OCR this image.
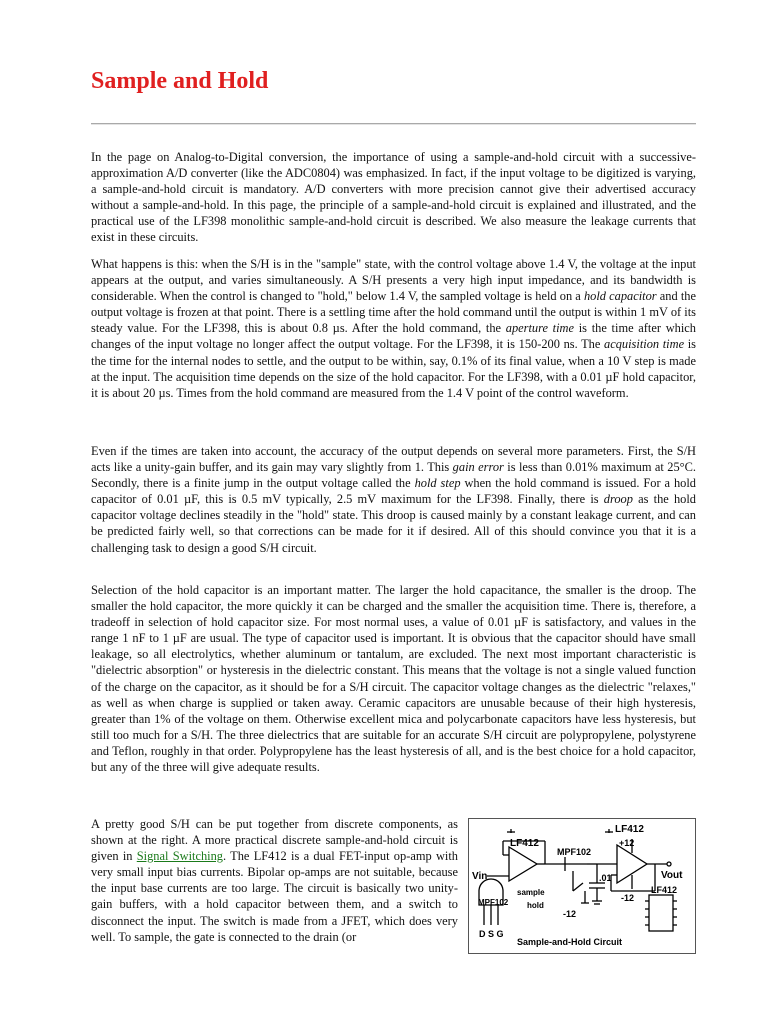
Sample and Hold

In the page on Analog-to-Digital conversion, the importance of using a sample-and-hold circuit with a successive-approximation A/D converter (like the ADC0804) was emphasized. In fact, if the input voltage to be digitized is varying, a sample-and-hold circuit is mandatory. A/D converters with more precision cannot give their advertised accuracy without a sample-and-hold. In this page, the principle of a sample-and-hold circuit is explained and illustrated, and the practical use of the LF398 monolithic sample-and-hold circuit is described. We also measure the leakage currents that exist in these circuits.

What happens is this: when the S/H is in the "sample" state, with the control voltage above 1.4 V, the voltage at the input appears at the output, and varies simultaneously. A S/H presents a very high input impedance, and its bandwidth is considerable. When the control is changed to "hold," below 1.4 V, the sampled voltage is held on a hold capacitor and the output voltage is frozen at that point. There is a settling time after the hold command until the output is within 1 mV of its steady value. For the LF398, this is about 0.8 µs. After the hold command, the aperture time is the time after which changes of the input voltage no longer affect the output voltage. For the LF398, it is 150-200 ns. The acquisition time is the time for the internal nodes to settle, and the output to be within, say, 0.1% of its final value, when a 10 V step is made at the input. The acquisition time depends on the size of the hold capacitor. For the LF398, with a 0.01 µF hold capacitor, it is about 20 µs. Times from the hold command are measured from the 1.4 V point of the control waveform.

Even if the times are taken into account, the accuracy of the output depends on several more parameters. First, the S/H acts like a unity-gain buffer, and its gain may vary slightly from 1. This gain error is less than 0.01% maximum at 25°C. Secondly, there is a finite jump in the output voltage called the hold step when the hold command is issued. For a hold capacitor of 0.01 µF, this is 0.5 mV typically, 2.5 mV maximum for the LF398. Finally, there is droop as the hold capacitor voltage declines steadily in the "hold" state. This droop is caused mainly by a constant leakage current, and can be predicted fairly well, so that corrections can be made for it if desired. All of this should convince you that it is a challenging task to design a good S/H circuit.

Selection of the hold capacitor is an important matter. The larger the hold capacitance, the smaller is the droop. The smaller the hold capacitor, the more quickly it can be charged and the smaller the acquisition time. There is, therefore, a tradeoff in selection of hold capacitor size. For most normal uses, a value of 0.01 µF is satisfactory, and values in the range 1 nF to 1 µF are usual. The type of capacitor used is important. It is obvious that the capacitor should have small leakage, so all electrolytics, whether aluminum or tantalum, are excluded. The next most important characteristic is "dielectric absorption" or hysteresis in the dielectric constant. This means that the voltage is not a single valued function of the charge on the capacitor, as it should be for a S/H circuit. The capacitor voltage changes as the dielectric "relaxes," as well as when charge is supplied or taken away. Ceramic capacitors are unusable because of their high hysteresis, greater than 1% of the voltage on them. Otherwise excellent mica and polycarbonate capacitors have less hysteresis, but still too much for a S/H. The three dielectrics that are suitable for an accurate S/H circuit are polypropylene, polystyrene and Teflon, roughly in that order. Polypropylene has the least hysteresis of all, and is the best choice for a hold capacitor, but any of the three will give adequate results.

A pretty good S/H can be put together from discrete components, as shown at the right. A more practical discrete sample-and-hold circuit is given in Signal Switching. The LF412 is a dual FET-input op-amp with very small input bias currents. Bipolar op-amps are not suitable, because the input base currents are too large. The circuit is basically two unity-gain buffers, with a hold capacitor between them, and a switch to disconnect the input. The switch is made from a JFET, which does very well. To sample, the gate is connected to the drain (or

LF412
LF412
LF412
MPF102
MPF102
Vin	Vout
sample
hold
+12
-12
-12
.01
D S G
Sample-and-Hold Circuit
